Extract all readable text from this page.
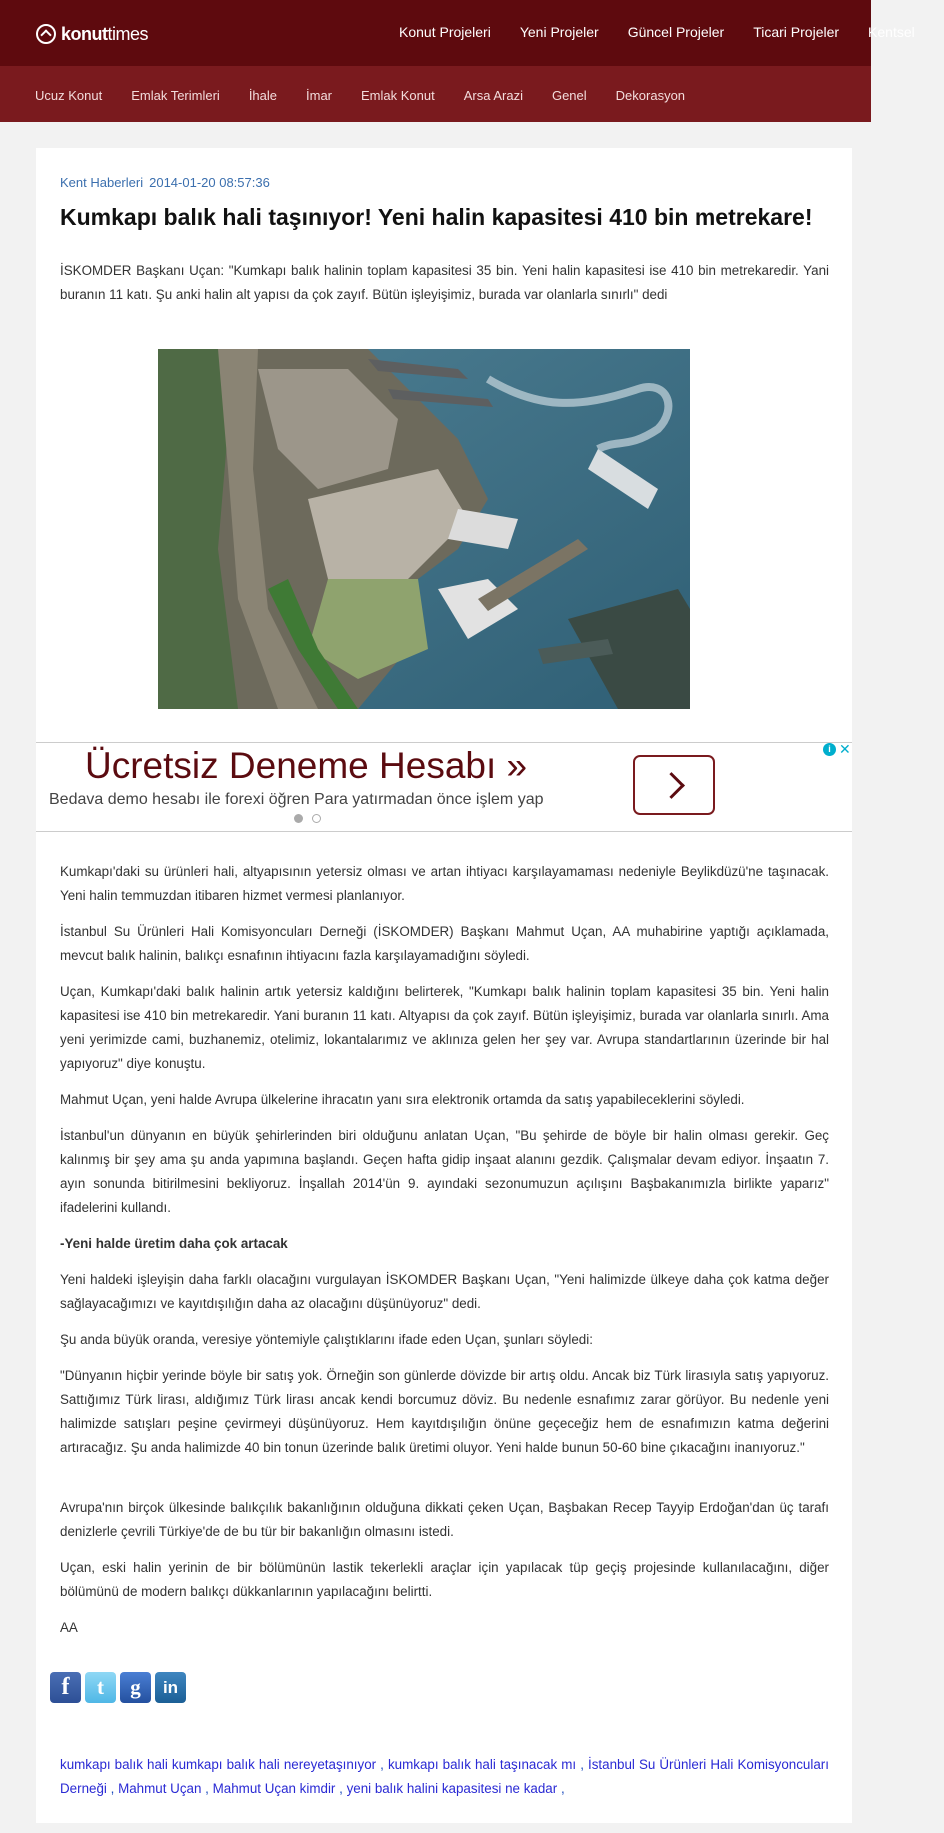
konuttimes	Konut Projeleri Yeni Projeler Güncel Projeler Ticari Projeler Kentsel
Ucuz Konut Emlak Terimleri İhale İmar Emlak Konut Arsa Arazi Genel Dekorasyon
Kent Haberleri 2014-01-20 08:57:36
Kumkapı balık hali taşınıyor! Yeni halin kapasitesi 410 bin metrekare!

İSKOMDER Başkanı Uçan: "Kumkapı balık halinin toplam kapasitesi 35 bin. Yeni halin kapasitesi ise 410 bin metrekaredir. Yani buranın 11 katı. Şu anki halin alt yapısı da çok zayıf. Bütün işleyişimiz, burada var olanlarla sınırlı" dedi

Ücretsiz Deneme Hesabı »
Bedava demo hesabı ile forexi öğren Para yatırmadan önce işlem yap
i ✕

Kumkapı'daki su ürünleri hali, altyapısının yetersiz olması ve artan ihtiyacı karşılayamaması nedeniyle Beylikdüzü'ne taşınacak. Yeni halin temmuzdan itibaren hizmet vermesi planlanıyor.

İstanbul Su Ürünleri Hali Komisyoncuları Derneği (İSKOMDER) Başkanı Mahmut Uçan, AA muhabirine yaptığı açıklamada, mevcut balık halinin, balıkçı esnafının ihtiyacını fazla karşılayamadığını söyledi.

Uçan, Kumkapı'daki balık halinin artık yetersiz kaldığını belirterek, "Kumkapı balık halinin toplam kapasitesi 35 bin. Yeni halin kapasitesi ise 410 bin metrekaredir. Yani buranın 11 katı. Altyapısı da çok zayıf. Bütün işleyişimiz, burada var olanlarla sınırlı. Ama yeni yerimizde cami, buzhanemiz, otelimiz, lokantalarımız ve aklınıza gelen her şey var. Avrupa standartlarının üzerinde bir hal yapıyoruz" diye konuştu.

Mahmut Uçan, yeni halde Avrupa ülkelerine ihracatın yanı sıra elektronik ortamda da satış yapabileceklerini söyledi.

İstanbul'un dünyanın en büyük şehirlerinden biri olduğunu anlatan Uçan, "Bu şehirde de böyle bir halin olması gerekir. Geç kalınmış bir şey ama şu anda yapımına başlandı. Geçen hafta gidip inşaat alanını gezdik. Çalışmalar devam ediyor. İnşaatın 7. ayın sonunda bitirilmesini bekliyoruz. İnşallah 2014'ün 9. ayındaki sezonumuzun açılışını Başbakanımızla birlikte yaparız" ifadelerini kullandı.

-Yeni halde üretim daha çok artacak

Yeni haldeki işleyişin daha farklı olacağını vurgulayan İSKOMDER Başkanı Uçan, "Yeni halimizde ülkeye daha çok katma değer sağlayacağımızı ve kayıtdışılığın daha az olacağını düşünüyoruz" dedi.

Şu anda büyük oranda, veresiye yöntemiyle çalıştıklarını ifade eden Uçan, şunları söyledi:

"Dünyanın hiçbir yerinde böyle bir satış yok. Örneğin son günlerde dövizde bir artış oldu. Ancak biz Türk lirasıyla satış yapıyoruz. Sattığımız Türk lirası, aldığımız Türk lirası ancak kendi borcumuz döviz. Bu nedenle esnafımız zarar görüyor. Bu nedenle yeni halimizde satışları peşine çevirmeyi düşünüyoruz. Hem kayıtdışılığın önüne geçeceğiz hem de esnafımızın katma değerini artıracağız. Şu anda halimizde 40 bin tonun üzerinde balık üretimi oluyor. Yeni halde bunun 50-60 bine çıkacağını inanıyoruz."

Avrupa'nın birçok ülkesinde balıkçılık bakanlığının olduğuna dikkati çeken Uçan, Başbakan Recep Tayyip Erdoğan'dan üç tarafı denizlerle çevrili Türkiye'de de bu tür bir bakanlığın olmasını istedi.

Uçan, eski halin yerinin de bir bölümünün lastik tekerlekli araçlar için yapılacak tüp geçiş projesinde kullanılacağını, diğer bölümünü de modern balıkçı dükkanlarının yapılacağını belirtti.

AA

f	t	g	in
kumkapı balık hali kumkapı balık hali nereyetaşınıyor , kumkapı balık hali taşınacak mı , İstanbul Su Ürünleri Hali Komisyoncuları Derneği , Mahmut Uçan , Mahmut Uçan kimdir , yeni balık halini kapasitesi ne kadar ,
